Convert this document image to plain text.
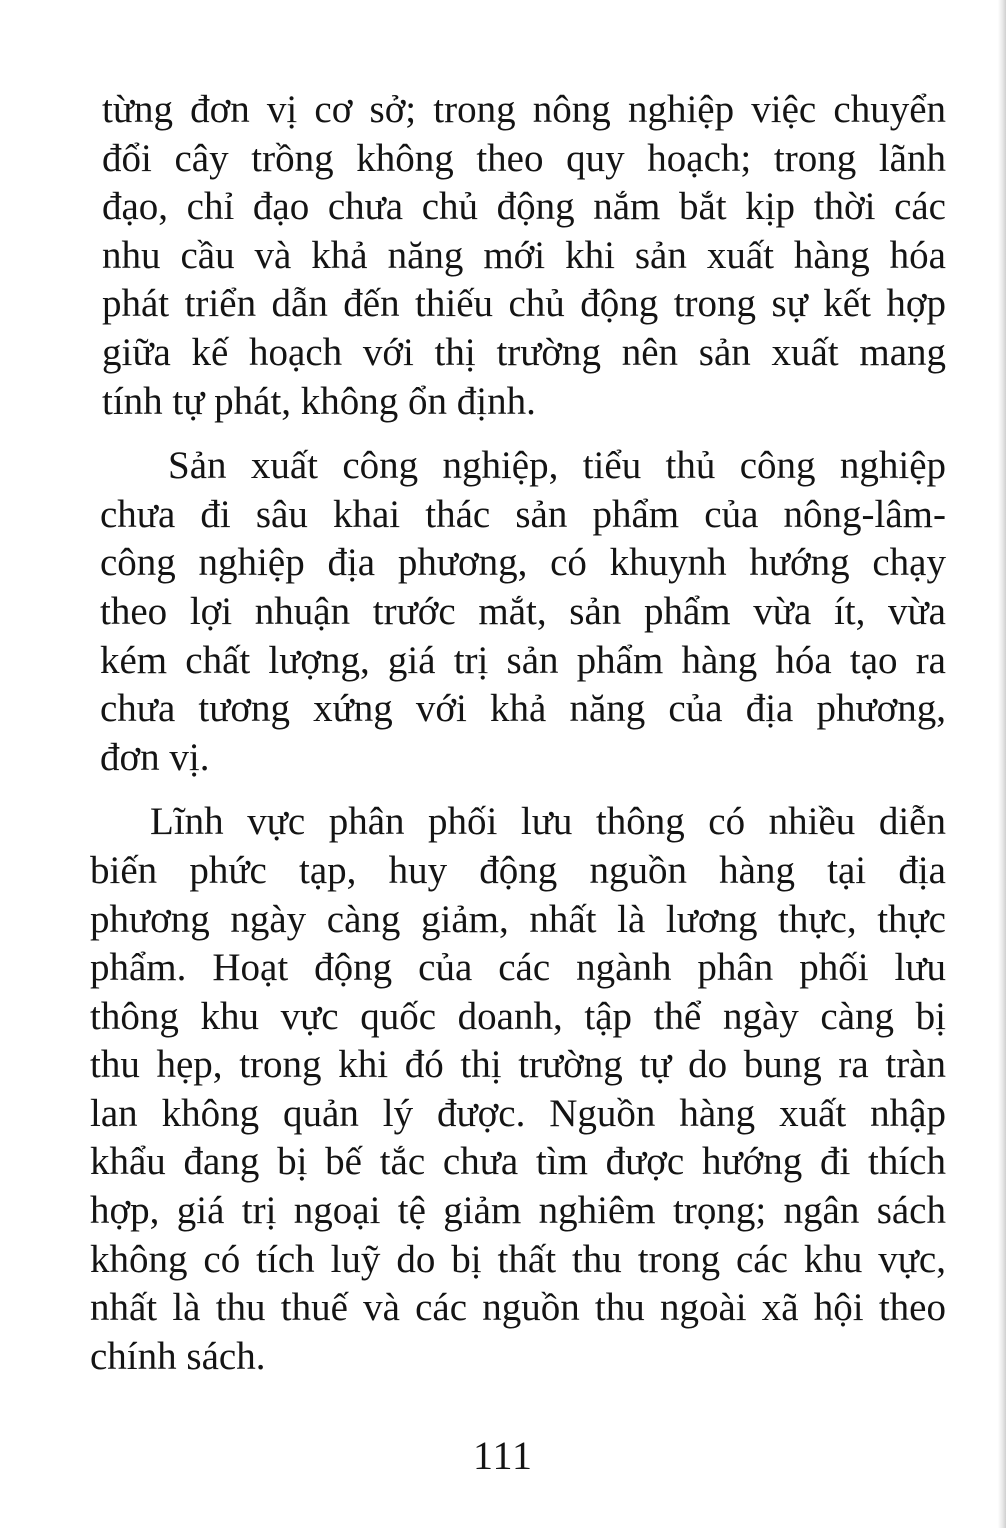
từng đơn vị cơ sở; trong nông nghiệp việc chuyển
đổi cây trồng không theo quy hoạch; trong lãnh
đạo, chỉ đạo chưa chủ động nắm bắt kịp thời các
nhu cầu và khả năng mới khi sản xuất hàng hóa
phát triển dẫn đến thiếu chủ động trong sự kết hợp
giữa kế hoạch với thị trường nên sản xuất mang
tính tự phát, không ổn định.
Sản xuất công nghiệp, tiểu thủ công nghiệp
chưa đi sâu khai thác sản phẩm của nông-lâm-
công nghiệp địa phương, có khuynh hướng chạy
theo lợi nhuận trước mắt, sản phẩm vừa ít, vừa
kém chất lượng, giá trị sản phẩm hàng hóa tạo ra
chưa tương xứng với khả năng của địa phương,
đơn vị.
Lĩnh vực phân phối lưu thông có nhiều diễn
biến phức tạp, huy động nguồn hàng tại địa
phương ngày càng giảm, nhất là lương thực, thực
phẩm. Hoạt động của các ngành phân phối lưu
thông khu vực quốc doanh, tập thể ngày càng bị
thu hẹp, trong khi đó thị trường tự do bung ra tràn
lan không quản lý được. Nguồn hàng xuất nhập
khẩu đang bị bế tắc chưa tìm được hướng đi thích
hợp, giá trị ngoại tệ giảm nghiêm trọng; ngân sách
không có tích luỹ do bị thất thu trong các khu vực,
nhất là thu thuế và các nguồn thu ngoài xã hội theo
chính sách.
111
